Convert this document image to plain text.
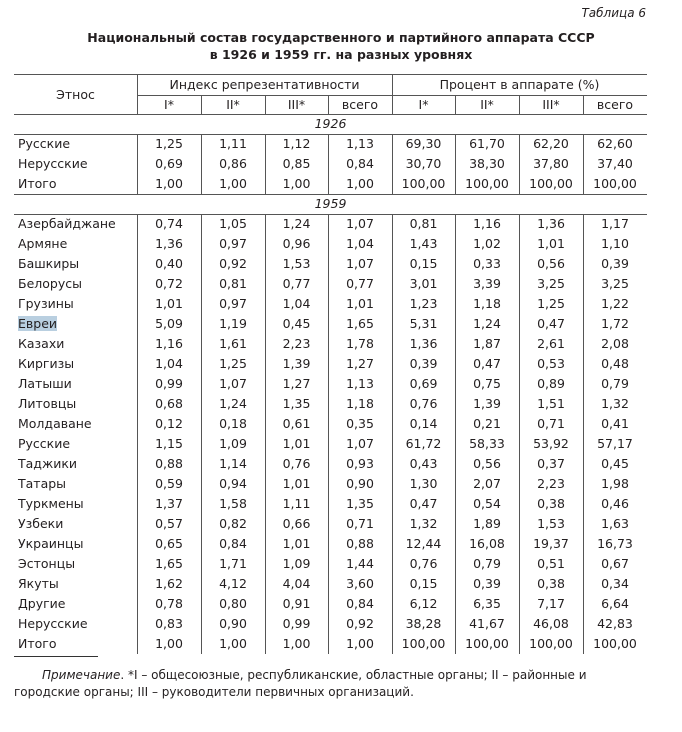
Таблица 6
Национальный состав государственного и партийного аппарата СССР
в 1926 и 1959 гг. на разных уровнях
Этнос
Индекс репрезентативности	Процент в аппарате (%)
I*	II*	III*	всего	I*	II*	III*	всего
1926
Русские	1,25	1,11	1,12	1,13	69,30	61,70	62,20	62,60
Нерусские	0,69	0,86	0,85	0,84	30,70	38,30	37,80	37,40
Итого	1,00	1,00	1,00	1,00	100,00	100,00	100,00	100,00
1959
Азербайджане	0,74	1,05	1,24	1,07	0,81	1,16	1,36	1,17
Армяне	1,36	0,97	0,96	1,04	1,43	1,02	1,01	1,10
Башкиры	0,40	0,92	1,53	1,07	0,15	0,33	0,56	0,39
Белорусы	0,72	0,81	0,77	0,77	3,01	3,39	3,25	3,25
Грузины	1,01	0,97	1,04	1,01	1,23	1,18	1,25	1,22
Евреи	5,09	1,19	0,45	1,65	5,31	1,24	0,47	1,72
Казахи	1,16	1,61	2,23	1,78	1,36	1,87	2,61	2,08
Киргизы	1,04	1,25	1,39	1,27	0,39	0,47	0,53	0,48
Латыши	0,99	1,07	1,27	1,13	0,69	0,75	0,89	0,79
Литовцы	0,68	1,24	1,35	1,18	0,76	1,39	1,51	1,32
Молдаване	0,12	0,18	0,61	0,35	0,14	0,21	0,71	0,41
Русские	1,15	1,09	1,01	1,07	61,72	58,33	53,92	57,17
Таджики	0,88	1,14	0,76	0,93	0,43	0,56	0,37	0,45
Татары	0,59	0,94	1,01	0,90	1,30	2,07	2,23	1,98
Туркмены	1,37	1,58	1,11	1,35	0,47	0,54	0,38	0,46
Узбеки	0,57	0,82	0,66	0,71	1,32	1,89	1,53	1,63
Украинцы	0,65	0,84	1,01	0,88	12,44	16,08	19,37	16,73
Эстонцы	1,65	1,71	1,09	1,44	0,76	0,79	0,51	0,67
Якуты	1,62	4,12	4,04	3,60	0,15	0,39	0,38	0,34
Другие	0,78	0,80	0,91	0,84	6,12	6,35	7,17	6,64
Нерусские	0,83	0,90	0,99	0,92	38,28	41,67	46,08	42,83
Итого	1,00	1,00	1,00	1,00	100,00	100,00	100,00	100,00
Примечание. *I – общесоюзные, республиканские, областные органы; II – районные и городские органы; III – руководители первичных организаций.
